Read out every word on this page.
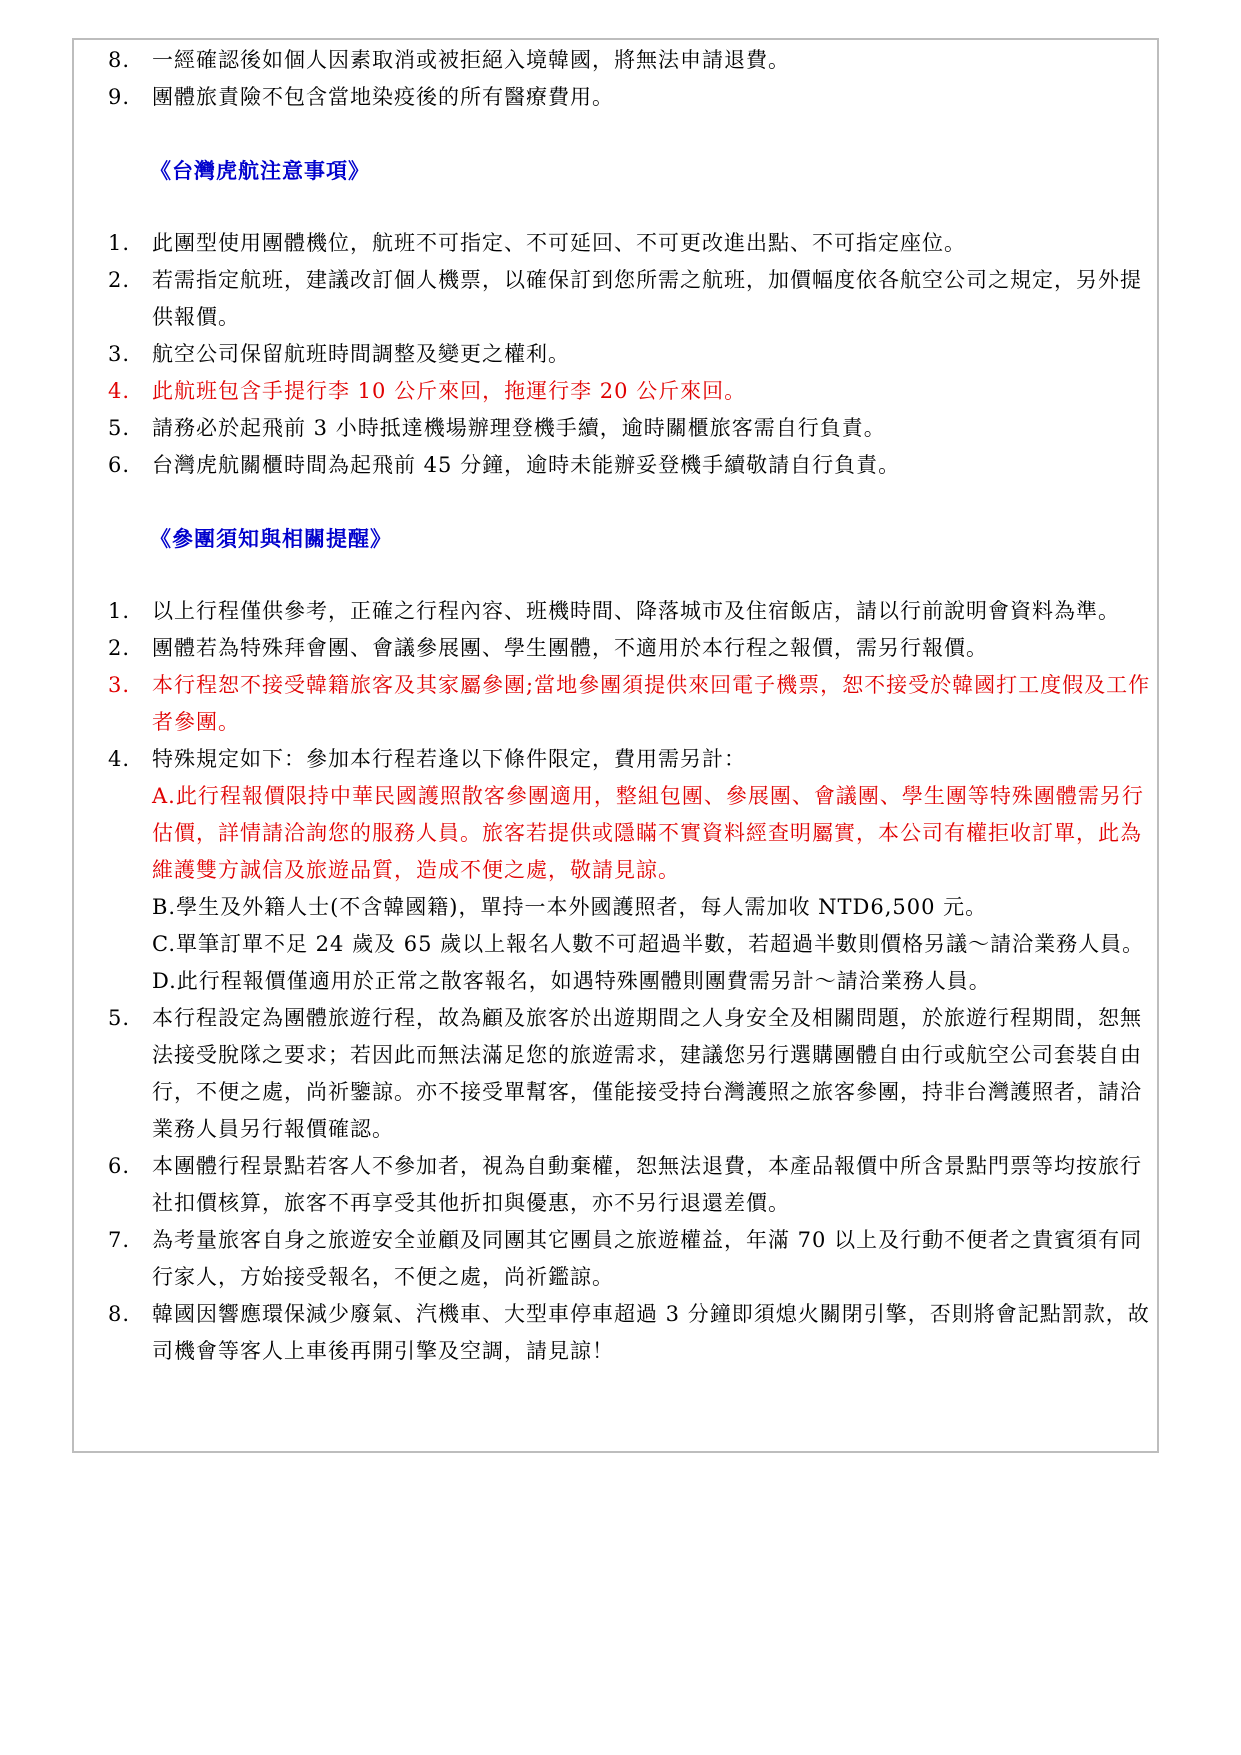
8. 一經確認後如個人因素取消或被拒絕入境韓國，將無法申請退費。
9. 團體旅責險不包含當地染疫後的所有醫療費用。
《台灣虎航注意事項》
1. 此團型使用團體機位，航班不可指定、不可延回、不可更改進出點、不可指定座位。
2. 若需指定航班，建議改訂個人機票，以確保訂到您所需之航班，加價幅度依各航空公司之規定，另外提供報價。
3. 航空公司保留航班時間調整及變更之權利。
4. 此航班包含手提行李 10 公斤來回，拖運行李 20 公斤來回。
5. 請務必於起飛前 3 小時抵達機場辦理登機手續，逾時關櫃旅客需自行負責。
6. 台灣虎航關櫃時間為起飛前 45 分鐘，逾時未能辦妥登機手續敬請自行負責。
《參團須知與相關提醒》
1. 以上行程僅供參考，正確之行程內容、班機時間、降落城市及住宿飯店，請以行前說明會資料為準。
2. 團體若為特殊拜會團、會議參展團、學生團體，不適用於本行程之報價，需另行報價。
3. 本行程恕不接受韓籍旅客及其家屬參團;當地參團須提供來回電子機票，恕不接受於韓國打工度假及工作者參團。
4. 特殊規定如下：參加本行程若逢以下條件限定，費用需另計：
A.此行程報價限持中華民國護照散客參團適用，整組包團、參展團、會議團、學生團等特殊團體需另行估價，詳情請洽詢您的服務人員。旅客若提供或隱瞞不實資料經查明屬實，本公司有權拒收訂單，此為維護雙方誠信及旅遊品質，造成不便之處，敬請見諒。
B.學生及外籍人士(不含韓國籍)，單持一本外國護照者，每人需加收 NTD6,500 元。
C.單筆訂單不足 24 歲及 65 歲以上報名人數不可超過半數，若超過半數則價格另議～請洽業務人員。
D.此行程報價僅適用於正常之散客報名，如遇特殊團體則團費需另計～請洽業務人員。
5. 本行程設定為團體旅遊行程，故為顧及旅客於出遊期間之人身安全及相關問題，於旅遊行程期間，恕無法接受脫隊之要求；若因此而無法滿足您的旅遊需求，建議您另行選購團體自由行或航空公司套裝自由行，不便之處，尚祈鑒諒。亦不接受單幫客，僅能接受持台灣護照之旅客參團，持非台灣護照者，請洽業務人員另行報價確認。
6. 本團體行程景點若客人不參加者，視為自動棄權，恕無法退費，本產品報價中所含景點門票等均按旅行社扣價核算，旅客不再享受其他折扣與優惠，亦不另行退還差價。
7. 為考量旅客自身之旅遊安全並顧及同團其它團員之旅遊權益，年滿 70 以上及行動不便者之貴賓須有同行家人，方始接受報名，不便之處，尚祈鑑諒。
8. 韓國因響應環保減少廢氣、汽機車、大型車停車超過 3 分鐘即須熄火關閉引擎，否則將會記點罰款，故司機會等客人上車後再開引擎及空調，請見諒！
